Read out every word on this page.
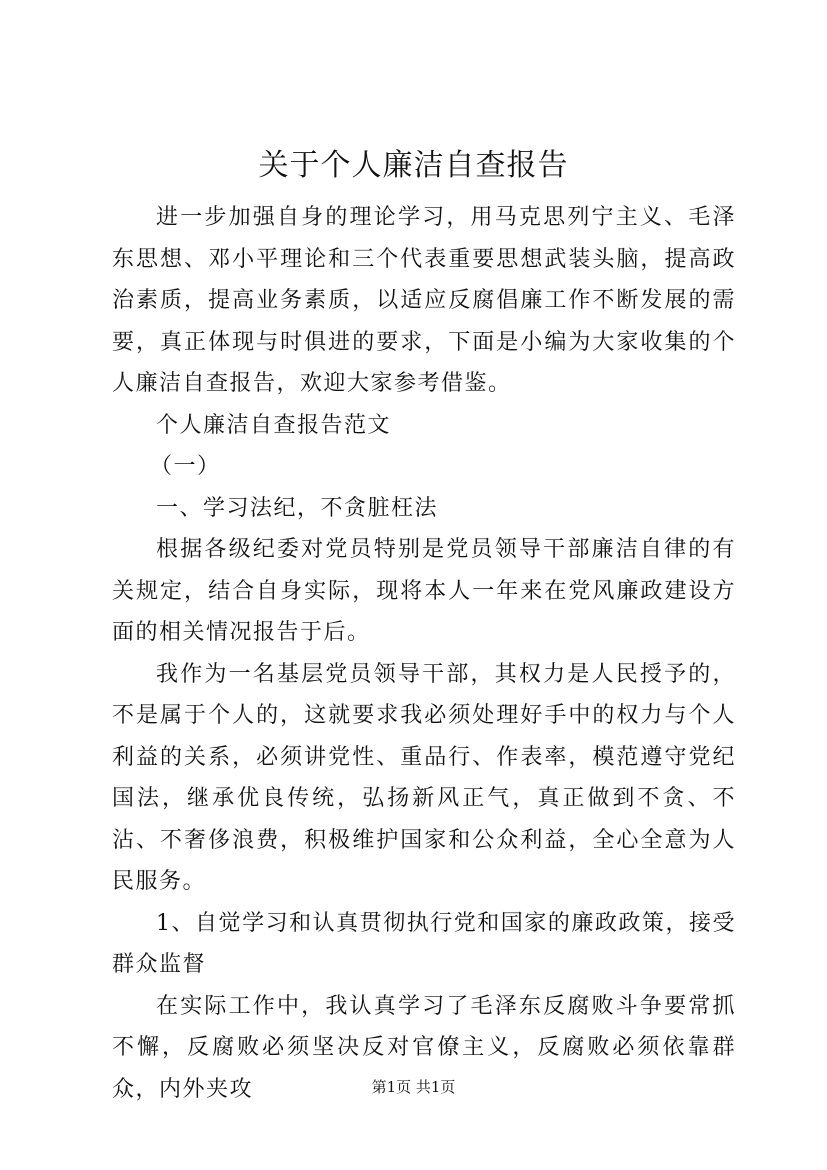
关于个人廉洁自查报告

进一步加强自身的理论学习，用马克思列宁主义、毛泽东思想、邓小平理论和三个代表重要思想武装头脑，提高政治素质，提高业务素质，以适应反腐倡廉工作不断发展的需要，真正体现与时俱进的要求，下面是小编为大家收集的个人廉洁自查报告，欢迎大家参考借鉴。

个人廉洁自查报告范文

（一）

一、学习法纪，不贪脏枉法

根据各级纪委对党员特别是党员领导干部廉洁自律的有关规定，结合自身实际，现将本人一年来在党风廉政建设方面的相关情况报告于后。

我作为一名基层党员领导干部，其权力是人民授予的，不是属于个人的，这就要求我必须处理好手中的权力与个人利益的关系，必须讲党性、重品行、作表率，模范遵守党纪国法，继承优良传统，弘扬新风正气，真正做到不贪、不沾、不奢侈浪费，积极维护国家和公众利益，全心全意为人民服务。

1、自觉学习和认真贯彻执行党和国家的廉政政策，接受群众监督

在实际工作中，我认真学习了毛泽东反腐败斗争要常抓不懈，反腐败必须坚决反对官僚主义，反腐败必须依靠群众，内外夹攻	第1页 共1页
